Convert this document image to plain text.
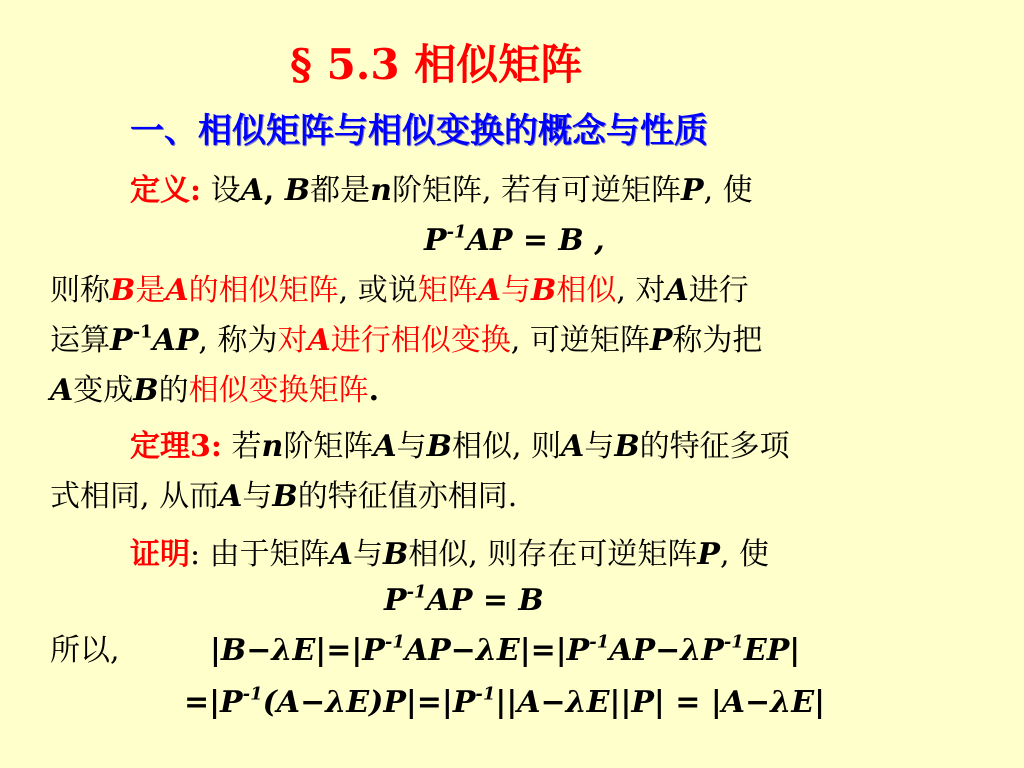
§ 5.3 相似矩阵
一、相似矩阵与相似变换的概念与性质
定义: 设A, B都是n阶矩阵, 若有可逆矩阵P, 使
$P^{-1}AP = B$ ,
则称B是A的相似矩阵, 或说矩阵A与B相似, 对A进行
运算$P^{-1}AP$, 称为对A进行相似变换, 可逆矩阵P称为把
A变成B的相似变换矩阵.
定理3: 若n阶矩阵A与B相似, 则A与B的特征多项
式相同, 从而A与B的特征值亦相同.
证明: 由于矩阵A与B相似, 则存在可逆矩阵P, 使
$P^{-1}AP = B$
所以,	$|B-\lambda E|=|P^{-1}AP-\lambda E|=|P^{-1}AP-\lambda P^{-1}EP|$
$=|P^{-1}(A-\lambda E)P|=|P^{-1}||A-\lambda E||P| = |A-\lambda E|$
